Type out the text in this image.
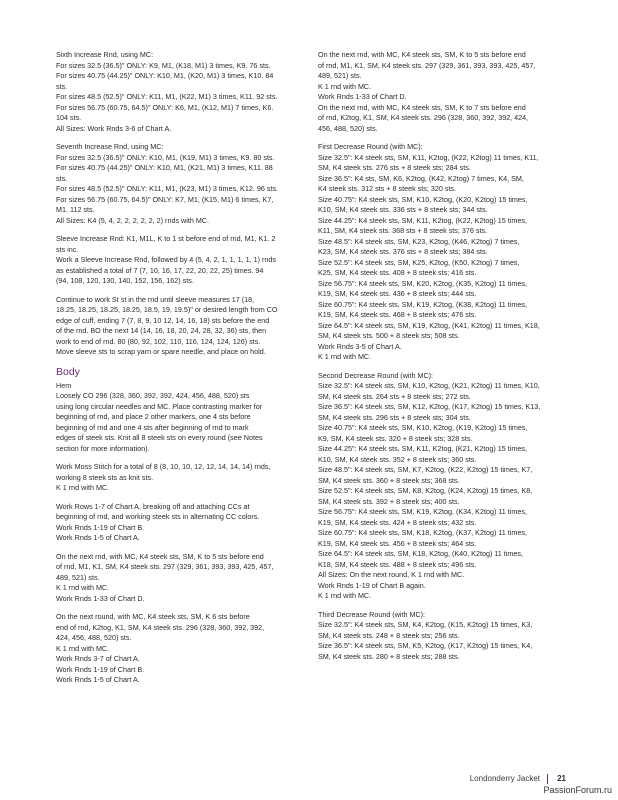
Sixth Increase Rnd, using MC:
For sizes 32.5 (36.5)" ONLY: K9, M1, (K18, M1) 3 times, K9. 76 sts.
For sizes 40.75 (44.25)" ONLY: K10, M1, (K20, M1) 3 times, K10. 84
sts.
For sizes 48.5 (52.5)" ONLY: K11, M1, (K22, M1) 3 times, K11. 92 sts.
For sizes 56.75 (60.75, 64.5)" ONLY: K6, M1, (K12, M1) 7 times, K6.
104 sts.
All Sizes: Work Rnds 3-6 of Chart A.

Seventh Increase Rnd, using MC:
For sizes 32.5 (36.5)" ONLY: K10, M1, (K19, M1) 3 times, K9. 80 sts.
For sizes 40.75 (44.25)" ONLY: K10, M1, (K21, M1) 3 times, K11. 88
sts.
For sizes 48.5 (52.5)" ONLY: K11, M1, (K23, M1) 3 times, K12. 96 sts.
For sizes 56.75 (60.75, 64.5)" ONLY: K7, M1, (K15, M1) 6 times, K7,
M1. 112 sts.
All Sizes: K4 (5, 4, 2, 2, 2, 2, 2, 2) rnds with MC.

Sleeve Increase Rnd: K1, M1L, K to 1 st before end of rnd, M1, K1. 2
sts inc.
Work a Sleeve Increase Rnd, followed by 4 (5, 4, 2, 1, 1, 1, 1, 1) rnds
as established a total of 7 (7, 10, 16, 17, 22, 20, 22, 25) times. 94
(94, 108, 120, 130, 140, 152, 156, 162) sts.

Continue to work St st in the rnd until sleeve measures 17 (18,
18.25, 18.25, 18.25, 18.25, 18.5, 19, 19.5)" or desired length from CO
edge of cuff, ending 7 (7, 8, 9, 10 12, 14, 16, 18) sts before the end
of the rnd. BO the next 14 (14, 16, 18, 20, 24, 28, 32, 36) sts, then
work to end of rnd. 80 (80, 92, 102, 110, 116, 124, 124, 126) sts.
Move sleeve sts to scrap yarn or spare needle, and place on hold.

Body

Hem
Loosely CO 296 (328, 360, 392, 392, 424, 456, 488, 520) sts
using long circular needles and MC. Place contrasting marker for
beginning of rnd, and place 2 other markers, one 4 sts before
beginning of rnd and one 4 sts after beginning of rnd to mark
edges of steek sts. Knit all 8 steek sts on every round (see Notes
section for more information).

Work Moss Stitch for a total of 8 (8, 10, 10, 12, 12, 14, 14, 14) rnds,
working 8 steek sts as knit sts.
K 1 rnd with MC.

Work Rows 1-7 of Chart A, breaking off and attaching CCs at
beginning of rnd, and working steek sts in alternating CC colors.
Work Rnds 1-19 of Chart B.
Work Rnds 1-5 of Chart A.

On the next rnd, with MC, K4 steek sts, SM, K to 5 sts before end
of rnd, M1, K1, SM, K4 steek sts. 297 (329, 361, 393, 393, 425, 457,
489, 521) sts.
K 1 rnd with MC.
Work Rnds 1-33 of Chart D.

On the next round, with MC, K4 steek sts, SM, K 6 sts before
end of rnd, K2tog, K1, SM, K4 steek sts. 296 (328, 360, 392, 392,
424, 456, 488, 520) sts.
K 1 rnd with MC.
Work Rnds 3-7 of Chart A.
Work Rnds 1-19 of Chart B.
Work Rnds 1-5 of Chart A.

On the next rnd, with MC, K4 steek sts, SM, K to 5 sts before end
of rnd, M1, K1, SM, K4 steek sts. 297 (329, 361, 393, 393, 425, 457,
489, 521) sts.
K 1 rnd with MC.
Work Rnds 1-33 of Chart D.
On the next rnd, with MC, K4 steek sts, SM, K to 7 sts before end
of rnd, K2tog, K1, SM, K4 steek sts. 296 (328, 360, 392, 392, 424,
456, 488, 520) sts.

First Decrease Round (with MC):
Size 32.5": K4 steek sts, SM, K11, K2tog, (K22, K2tog) 11 times, K11,
SM, K4 steek sts. 276 sts + 8 steek sts; 284 sts.
Size 36.5": K4 sts, SM, K6, K2tog, (K42, K2tog) 7 times, K4, SM,
K4 steek sts. 312 sts + 8 steek sts; 320 sts.
Size 40.75": K4 steek sts, SM, K10, K2tog, (K20, K2tog) 15 times,
K10, SM, K4 steek sts. 336 sts + 8 steek sts; 344 sts.
Size 44.25": K4 steek sts, SM, K11, K2tog, (K22, K2tog) 15 times,
K11, SM, K4 steek sts. 368 sts + 8 steek sts; 376 sts.
Size 48.5": K4 steek sts, SM, K23, K2tog, (K46, K2tog) 7 times,
K23, SM, K4 steek sts. 376 sts + 8 steek sts; 384 sts.
Size 52.5": K4 steek sts, SM, K25, K2tog, (K50, K2tog) 7 times,
K25, SM, K4 steek sts. 408 + 8 steek sts; 416 sts.
Size 56.75": K4 steek sts, SM, K20, K2tog, (K35, K2tog) 11 times,
K19, SM, K4 steek sts. 436 + 8 steek sts; 444 sts.
Size 60.75": K4 steek sts, SM, K19, K2tog, (K38, K2tog) 11 times,
K19, SM, K4 steek sts. 468 + 8 steek sts; 476 sts.
Size 64.5": K4 steek sts, SM, K19, K2tog, (K41, K2tog) 11 times, K18,
SM, K4 steek sts. 500 + 8 steek sts; 508 sts.
Work Rnds 3-5 of Chart A.
K 1 rnd with MC.

Second Decrease Round (with MC):
Size 32.5": K4 steek sts, SM, K10, K2tog, (K21, K2tog) 11 times, K10,
SM, K4 steek sts. 264 sts + 8 steek sts; 272 sts.
Size 36.5": K4 steek sts, SM, K12, K2tog, (K17, K2tog) 15 times, K13,
SM, K4 steek sts. 296 sts + 8 steek sts; 304 sts.
Size 40.75": K4 steek sts, SM, K10, K2tog, (K19, K2tog) 15 times,
K9, SM, K4 steek sts. 320 + 8 steek sts; 328 sts.
Size 44.25": K4 steek sts, SM, K11, K2tog, (K21, K2tog) 15 times,
K10, SM, K4 steek sts. 352 + 8 steek sts; 360 sts.
Size 48.5": K4 steek sts, SM, K7, K2tog, (K22, K2tog) 15 times, K7,
SM, K4 steek sts. 360 + 8 steek sts; 368 sts.
Size 52.5": K4 steek sts, SM, K8, K2tog, (K24, K2tog) 15 times, K8,
SM, K4 steek sts. 392 + 8 steek sts; 400 sts.
Size 56.75": K4 steek sts, SM, K19, K2tog, (K34, K2tog) 11 times,
K19, SM, K4 steek sts. 424 + 8 steek sts; 432 sts.
Size 60.75": K4 steek sts, SM, K18, K2tog, (K37, K2tog) 11 times,
K19, SM, K4 steek sts. 456 + 8 steek sts; 464 sts.
Size 64.5": K4 steek sts, SM, K18, K2tog, (K40, K2tog) 11 times,
K18, SM, K4 steek sts. 488 + 8 steek sts; 496 sts.
All Sizes: On the next round, K 1 rnd with MC.
Work Rnds 1-19 of Chart B again.
K 1 rnd with MC.

Third Decrease Round (with MC):
Size 32.5": K4 steek sts, SM, K4, K2tog, (K15, K2tog) 15 times, K3,
SM, K4 steek sts. 248 + 8 steek sts; 256 sts.
Size 36.5": K4 steek sts, SM, K5, K2tog, (K17, K2tog) 15 times, K4,
SM, K4 steek sts. 280 + 8 steek sts; 288 sts.

Londonderry Jacket 21
PassionForum.ru
